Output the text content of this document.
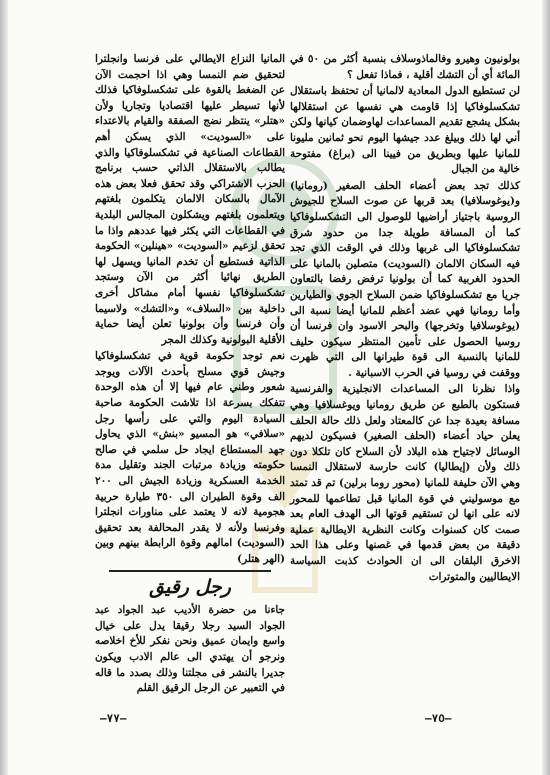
بولونيون وهيرو وفالماذوسلاف بنسبة أكثر من ٥٠ في المائة أي أن التشك أقلية ، فماذا تفعل ؟

لن تستطيع الدول المعادية لالمانيا أن تحتفظ باستقلال تشكسلوفاكيا إذا قاومت هي نفسها عن استقلالها بشكل يشجع تقديم المساعدات لهاوضمان كيانها ولكن أني لها ذلك وبيلغ عدد جيشها اليوم نحو ثمانين مليونا للمانيا عليها وبطريق من فيينا الى (براغ) مفتوحة خالية من الجبال

كذلك تجد بعض أعضاء الحلف الصغير (رومانيا) و(يوغوسلافيا) بعد قربها عن صوت السلاح للجيوش الروسية باجتياز أراضيها للوصول الى التشكسلوفاكيا كما أن المسافة طويلة جدا من حدود شرق تشكسلوفاكيا الى غربها وذلك في الوقت الذي تجد فيه السكان الالمان (السوديت) متصلين بالمانيا على الحدود الغربية كما أن بولونيا ترفض رفضا بالتعاون جريا مع تشكسلوفاكيا ضمن السلاح الجوي والطيارين وأما رومانيا فهي عضد أعظم للمانيا أيضا نسبة الى (يوغوسلافيا وتخرجها) والبحر الاسود وان فرنسا أن روسيا الحصول على تأمين المنتظر سيكون حليف للمانيا بالنسبة الى قوة طيرانها الى التي ظهرت ووقفت في روسيا في الحرب الاسبانية .

واذا نظرنا الى المساعدات الانجليزية والفرنسية فستكون بالطبع عن طريق رومانيا ويوغسلافيا وهي مسافة بعيدة جدا عن كالمعتاد ولعل ذلك حالة الحلف يعلن حياد أعضاء (الحلف الصغير) فسيكون لديهم الوسائل لاجتياح هذه البلاد لأن السلاح كان تلكلا دون ذلك ولأن (إيطاليا) كانت حارسة لاستقلال النمسا وهي الآن حليفة للمانيا (محور روما برلين) تم قد تمتد مع موسوليني في قوة المانيا قبل تطاعمها للمحور لانه على انها لن تستقيم قوتها الى الهدف العام بعد صمت كان كسنوات وكانت النظرية الايطالية عملية دقيقة من بعض قدمها في غصنها وعلى هذا الحد الاخرق البلقان الى ان الحوادث كذبت السياسة الايطاليين والمتوترات

المانيا النزاع الايطالي على فرنسا وانجلترا لتحقيق ضم النمسا وهي اذا احجمت الآن عن الضغط بالقوة على تشكسلوفاكيا فذلك لأنها تسيطر عليها اقتصاديا وتجاريا ولأن «هتلر» ينتظر نضج الصفقة والقيام بالاعتداء على «السوديت» الذي يسكن أهم القطاعات الصناعية في تشكسلوفاكيا والذي يطالب بالاستقلال الذاتي حسب برنامج الحزب الاشتراكي وقد تحقق فعلا بعض هذه الآمال بالسكان الالمان يتكلمون بلغتهم ويتعلمون بلغتهم ويشكلون المجالس البلدية في القطاعات التي يكثر فيها عددهم واذا ما تحقق لزعيم «السوديت» «هينلين» الحكومة الذاتية فستطيع أن تخدم المانيا ويسهل لها الطريق نهائيا أكثر من الآن وستجد تشكسلوفاكيا نفسها أمام مشاكل أخرى داخلية بين «السلاف» و«التشك» ولاسيما وأن فرنسا وأن بولونيا تعلن أيضا حماية الأقلية البولونية وكذلك المجر

نعم توجد حكومة قوية في تشكسلوفاكيا وجيش قوي مسلح بأحدث الآلات ويوجد شعور وطني عام فيها إلا أن هذه الوحدة تتفكك بسرعة اذا تلاشت الحكومة صاحبة السيادة اليوم والتي على رأسها رجل «سلافي» هو المسيو «بنش» الذي يحاول جهد المستطاع ايجاد حل سلمي في صالح حكومته وزيادة مرتبات الجند وتقليل مدة الخدمة العسكرية وزيادة الجيش الى ٢٠٠ الف وقوة الطيران الى ٣٥٠ طيارة حربية هجومية لانه لا يعتمد على مناورات انجلترا وفرنسا ولأنه لا يقدر المحالفة بعد تحقيق (السوديت) امالهم وقوة الرابطة بينهم وبين (الهر هتلر)

رجل رقيق

جاءنا من حضرة الأديب عبد الجواد عبد الجواد السيد رجلا رقيقا يدل على خيال واسع وايمان عميق ونحن نفكر للأخ اخلاصه ونرجو أن يهتدي الى عالم الادب ويكون جديرا بالنشر فى مجلتنا وذلك بصدد ما قاله في التعبير عن الرجل الرقيق القلم

—٧٧—	—٧٥—
